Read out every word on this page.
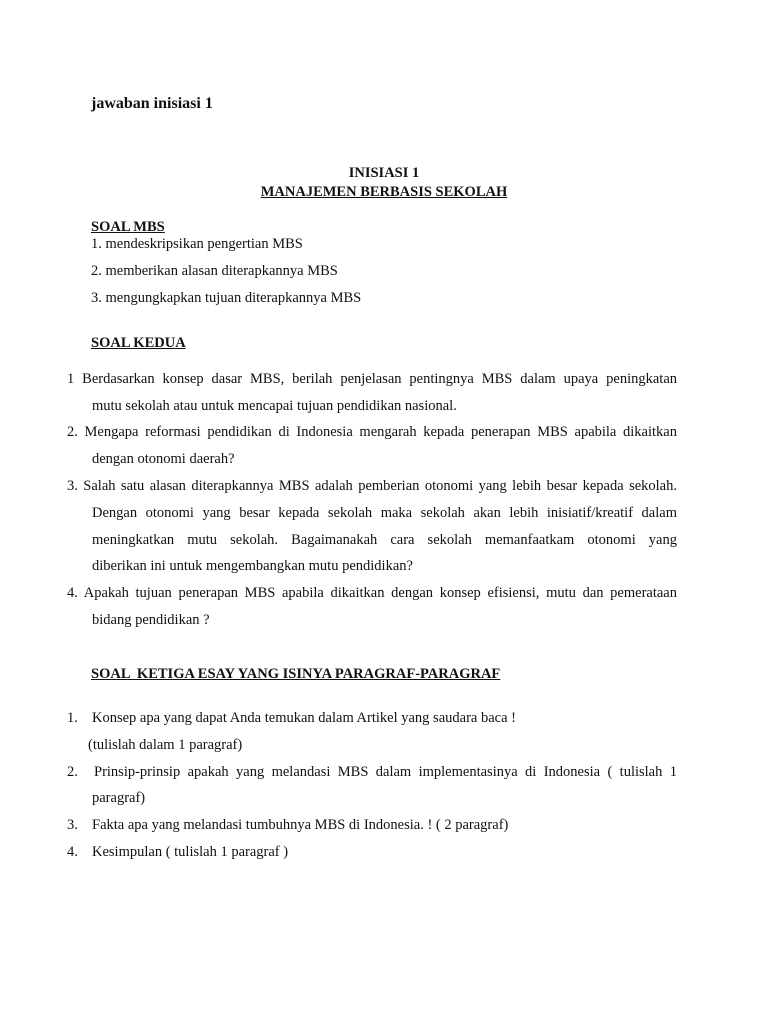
jawaban inisiasi 1
INISIASI 1
MANAJEMEN BERBASIS SEKOLAH
SOAL MBS
1. mendeskripsikan pengertian MBS
2. memberikan alasan diterapkannya MBS
3. mengungkapkan tujuan diterapkannya MBS
SOAL KEDUA
1 Berdasarkan konsep dasar MBS, berilah penjelasan pentingnya MBS dalam upaya peningkatan
mutu sekolah atau untuk mencapai tujuan pendidikan nasional.
2. Mengapa reformasi pendidikan di Indonesia mengarah kepada penerapan MBS apabila dikaitkan
dengan otonomi daerah?
3. Salah satu alasan diterapkannya MBS adalah pemberian otonomi yang lebih besar kepada sekolah.
Dengan otonomi yang besar kepada sekolah maka sekolah akan lebih inisiatif/kreatif dalam
meningkatkan mutu sekolah. Bagaimanakah cara sekolah memanfaatkam otonomi yang
diberikan ini untuk mengembangkan mutu pendidikan?
4. Apakah tujuan penerapan MBS apabila dikaitkan dengan konsep efisiensi, mutu dan pemerataan
bidang pendidikan ?
SOAL  KETIGA ESAY YANG ISINYA PARAGRAF-PARAGRAF
1. Konsep apa yang dapat Anda temukan dalam Artikel yang saudara baca !
(tulislah dalam 1 paragraf)
2. Prinsip-prinsip apakah yang melandasi MBS dalam implementasinya di Indonesia ( tulislah 1
paragraf)
3. Fakta apa yang melandasi tumbuhnya MBS di Indonesia. ! ( 2 paragraf)
4. Kesimpulan ( tulislah 1 paragraf )
